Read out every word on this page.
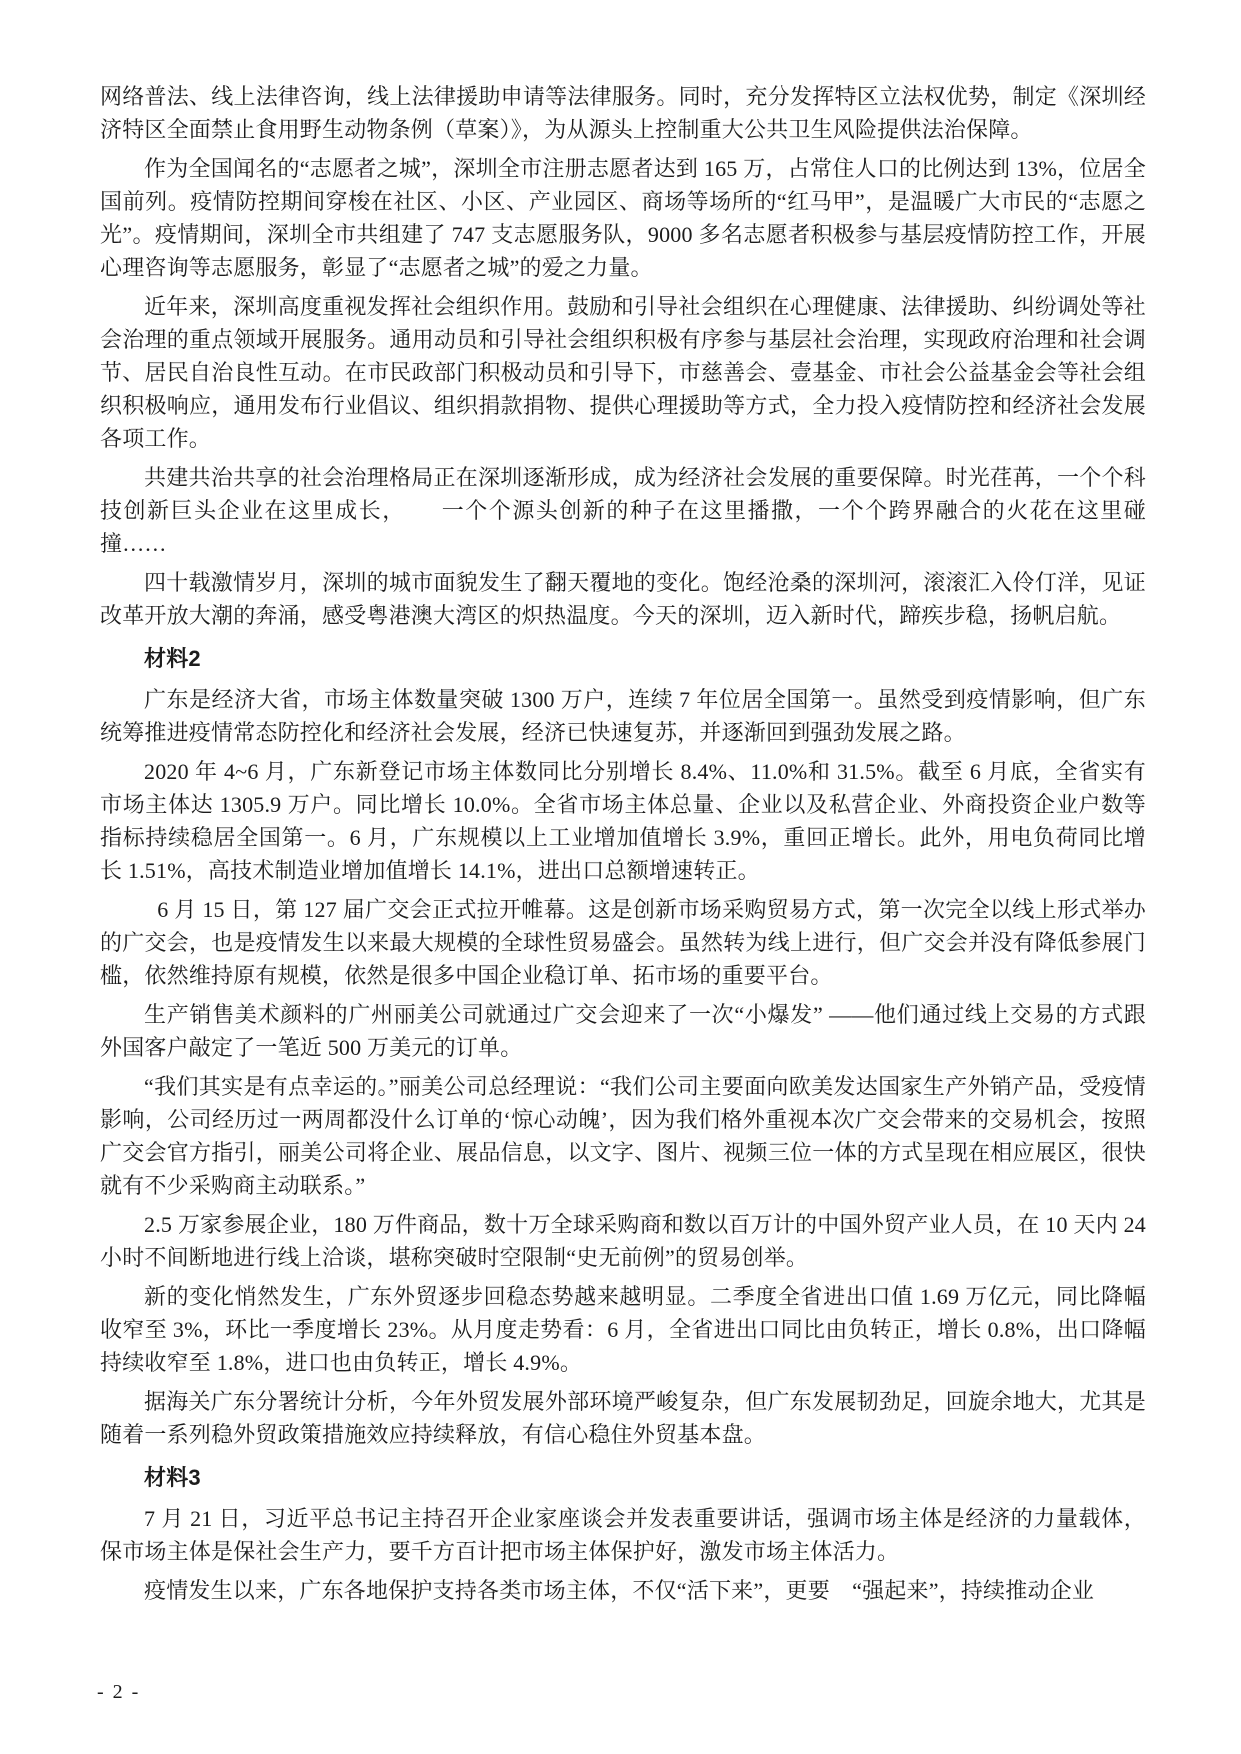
网络普法、线上法律咨询，线上法律援助申请等法律服务。同时，充分发挥特区立法权优势，制定《深圳经济特区全面禁止食用野生动物条例（草案）》，为从源头上控制重大公共卫生风险提供法治保障。

作为全国闻名的“志愿者之城”，深圳全市注册志愿者达到 165 万，占常住人口的比例达到 13%，位居全国前列。疫情防控期间穿梭在社区、小区、产业园区、商场等场所的“红马甲”，是温暖广大市民的“志愿之光”。疫情期间，深圳全市共组建了 747 支志愿服务队，9000 多名志愿者积极参与基层疫情防控工作，开展心理咨询等志愿服务，彰显了“志愿者之城”的爱之力量。

近年来，深圳高度重视发挥社会组织作用。鼓励和引导社会组织在心理健康、法律援助、纠纷调处等社会治理的重点领域开展服务。通用动员和引导社会组织积极有序参与基层社会治理，实现政府治理和社会调节、居民自治良性互动。在市民政部门积极动员和引导下，市慈善会、壹基金、市社会公益基金会等社会组织积极响应，通用发布行业倡议、组织捐款捐物、提供心理援助等方式，全力投入疫情防控和经济社会发展各项工作。

共建共治共享的社会治理格局正在深圳逐渐形成，成为经济社会发展的重要保障。时光荏苒，一个个科技创新巨头企业在这里成长，　　一个个源头创新的种子在这里播撒，一个个跨界融合的火花在这里碰撞……

四十载激情岁月，深圳的城市面貌发生了翻天覆地的变化。饱经沧桑的深圳河，滚滚汇入伶仃洋，见证改革开放大潮的奔涌，感受粤港澳大湾区的炽热温度。今天的深圳，迈入新时代，蹄疾步稳，扬帆启航。

材料2

广东是经济大省，市场主体数量突破 1300 万户，连续 7 年位居全国第一。虽然受到疫情影响，但广东统筹推进疫情常态防控化和经济社会发展，经济已快速复苏，并逐渐回到强劲发展之路。

2020 年 4~6 月，广东新登记市场主体数同比分别增长 8.4%、11.0%和 31.5%。截至 6 月底，全省实有市场主体达 1305.9 万户。同比增长 10.0%。全省市场主体总量、企业以及私营企业、外商投资企业户数等指标持续稳居全国第一。6 月，广东规模以上工业增加值增长 3.9%，重回正增长。此外，用电负荷同比增长 1.51%，高技术制造业增加值增长 14.1%，进出口总额增速转正。

6 月 15 日，第 127 届广交会正式拉开帷幕。这是创新市场采购贸易方式，第一次完全以线上形式举办的广交会，也是疫情发生以来最大规模的全球性贸易盛会。虽然转为线上进行，但广交会并没有降低参展门槛，依然维持原有规模，依然是很多中国企业稳订单、拓市场的重要平台。

生产销售美术颜料的广州丽美公司就通过广交会迎来了一次“小爆发” ——他们通过线上交易的方式跟外国客户敲定了一笔近 500 万美元的订单。

“我们其实是有点幸运的。”丽美公司总经理说：“我们公司主要面向欧美发达国家生产外销产品，受疫情影响，公司经历过一两周都没什么订单的‘惊心动魄’，因为我们格外重视本次广交会带来的交易机会，按照广交会官方指引，丽美公司将企业、展品信息，以文字、图片、视频三位一体的方式呈现在相应展区，很快就有不少采购商主动联系。”

2.5 万家参展企业，180 万件商品，数十万全球采购商和数以百万计的中国外贸产业人员，在 10 天内 24 小时不间断地进行线上洽谈，堪称突破时空限制“史无前例”的贸易创举。

新的变化悄然发生，广东外贸逐步回稳态势越来越明显。二季度全省进出口值 1.69 万亿元，同比降幅收窄至 3%，环比一季度增长 23%。从月度走势看：6 月，全省进出口同比由负转正，增长 0.8%，出口降幅持续收窄至 1.8%，进口也由负转正，增长 4.9%。

据海关广东分署统计分析，今年外贸发展外部环境严峻复杂，但广东发展韧劲足，回旋余地大，尤其是随着一系列稳外贸政策措施效应持续释放，有信心稳住外贸基本盘。

材料3

7 月 21 日，习近平总书记主持召开企业家座谈会并发表重要讲话，强调市场主体是经济的力量载体，保市场主体是保社会生产力，要千方百计把市场主体保护好，激发市场主体活力。

疫情发生以来，广东各地保护支持各类市场主体，不仅“活下来”，更要　“强起来”，持续推动企业

- 2 -
